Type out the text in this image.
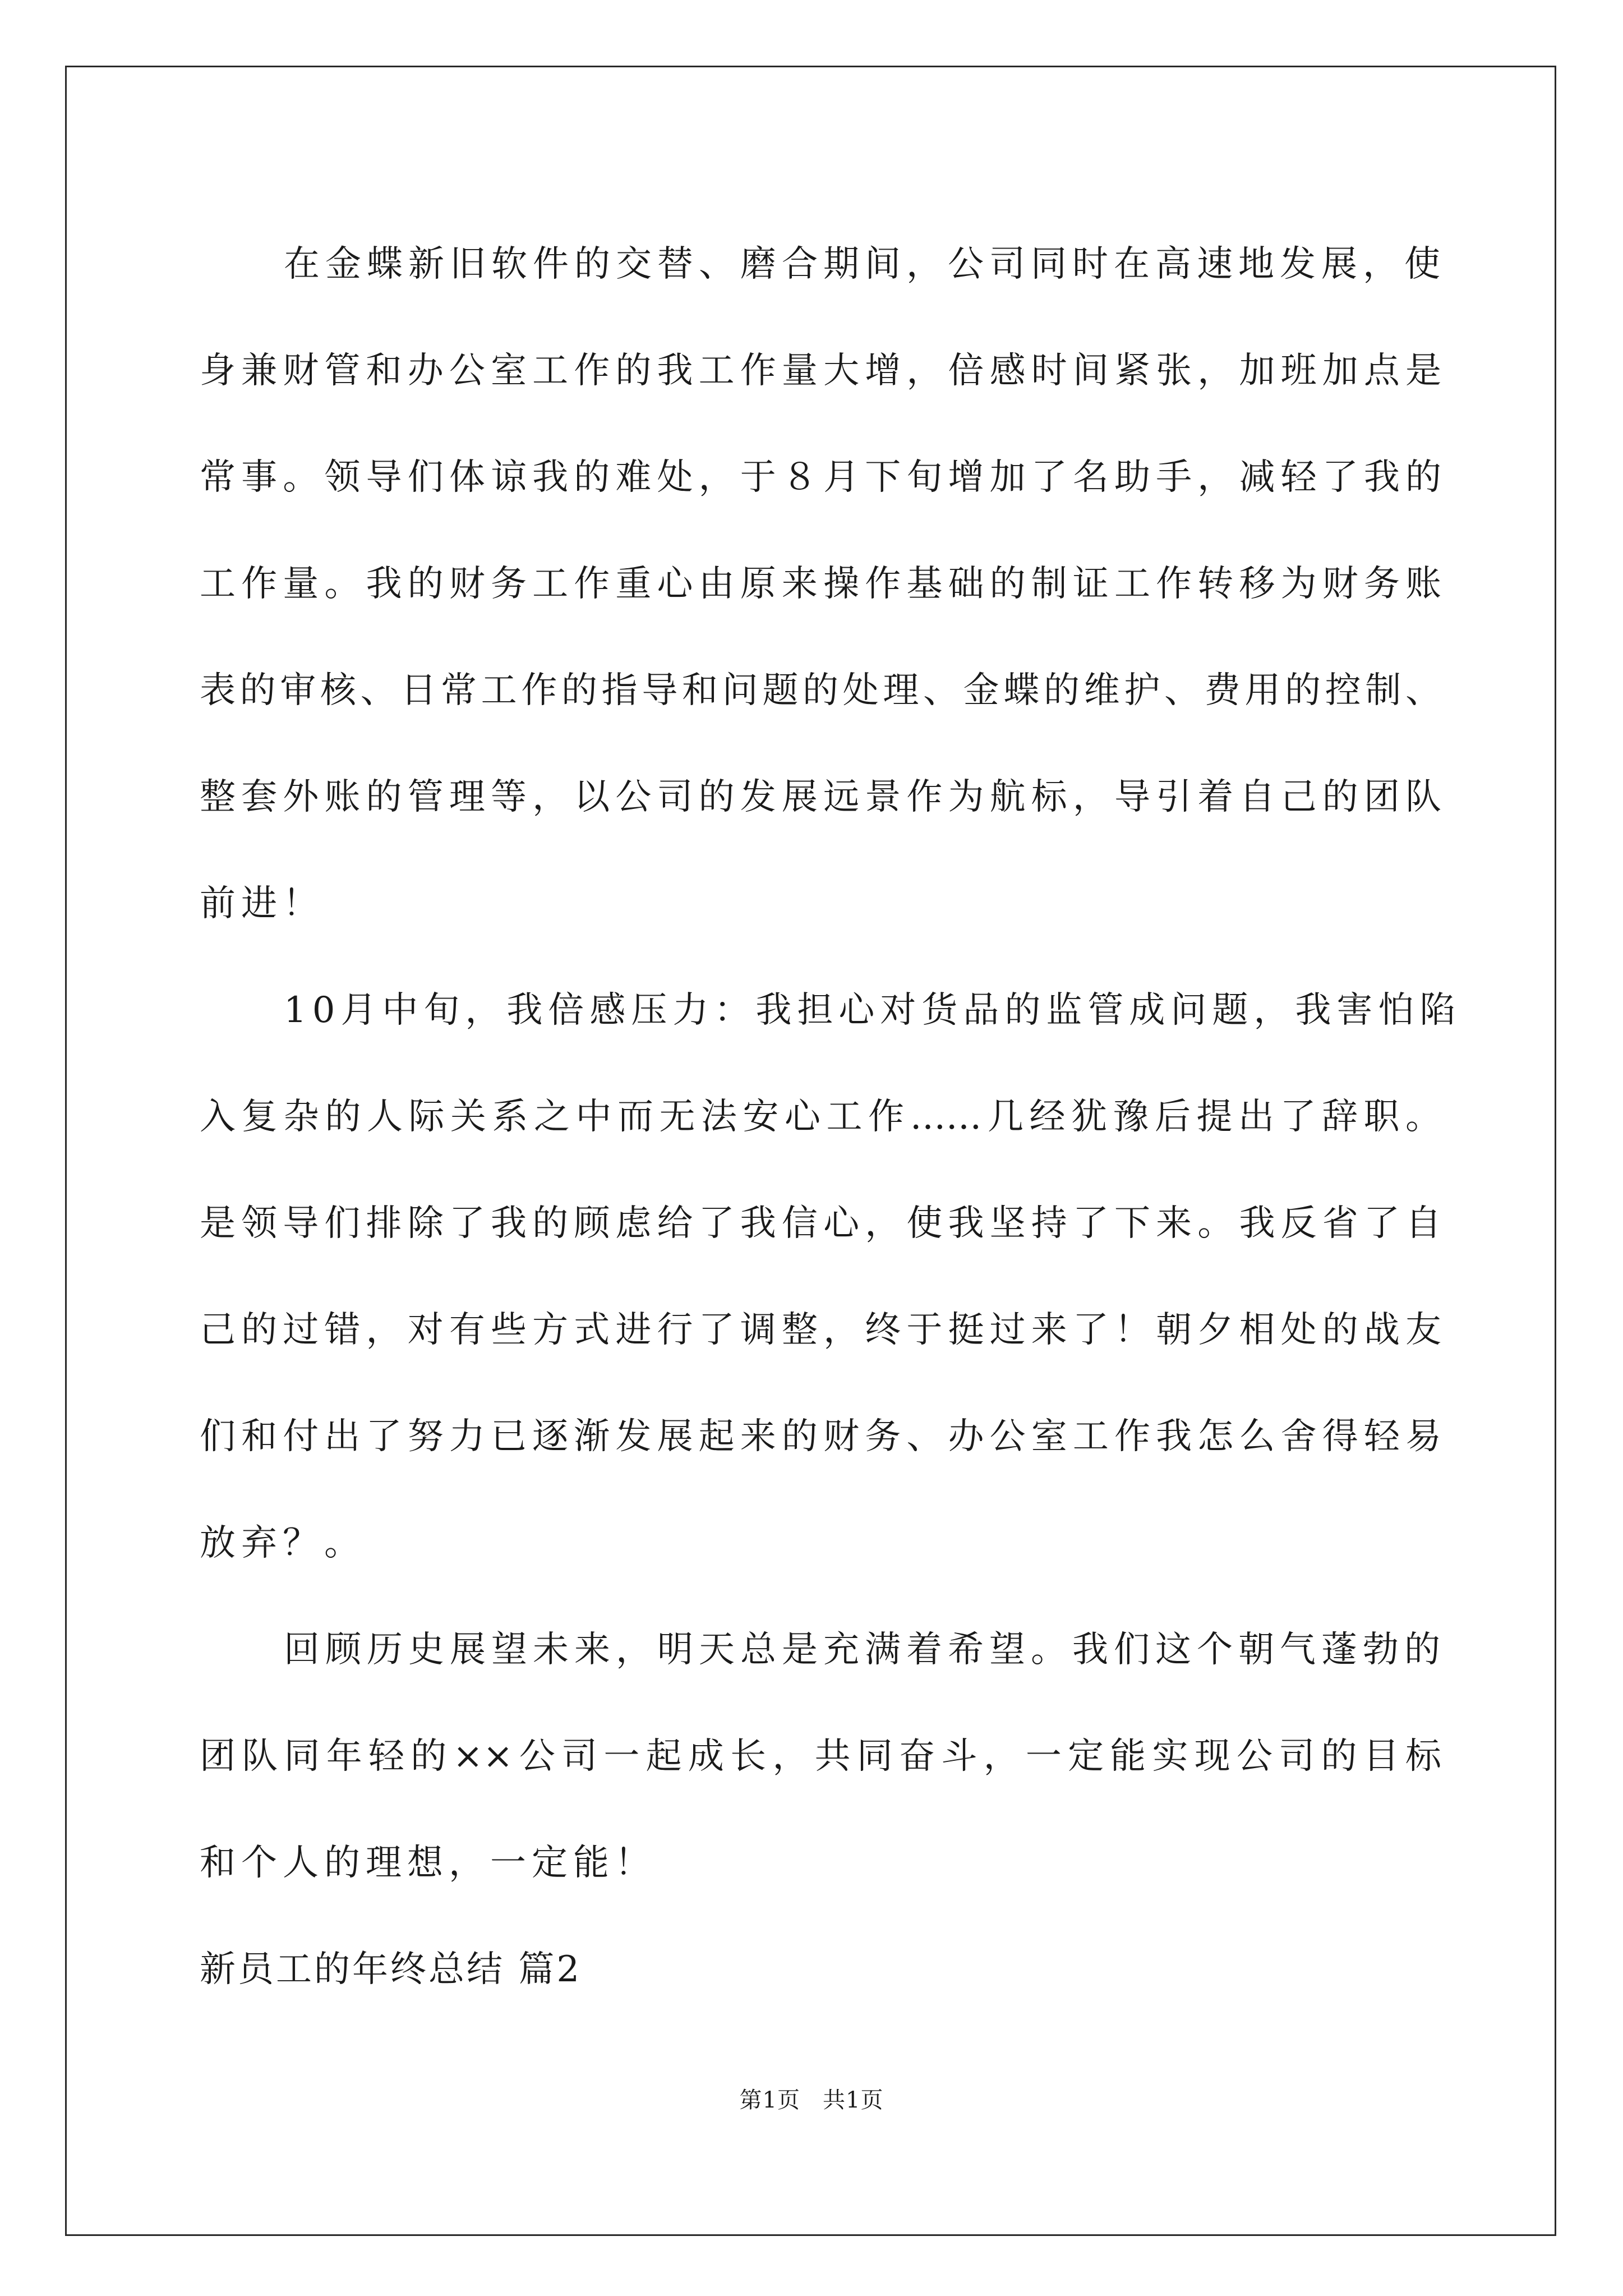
在金蝶新旧软件的交替、磨合期间，公司同时在高速地发展，使
身兼财管和办公室工作的我工作量大增，倍感时间紧张，加班加点是
常事。领导们体谅我的难处，于８月下旬增加了名助手，减轻了我的
工作量。我的财务工作重心由原来操作基础的制证工作转移为财务账
表的审核、日常工作的指导和问题的处理、金蝶的维护、费用的控制、
整套外账的管理等，以公司的发展远景作为航标，导引着自己的团队
前进！
10月中旬，我倍感压力：我担心对货品的监管成问题，我害怕陷
入复杂的人际关系之中而无法安心工作……几经犹豫后提出了辞职。
是领导们排除了我的顾虑给了我信心，使我坚持了下来。我反省了自
己的过错，对有些方式进行了调整，终于挺过来了！朝夕相处的战友
们和付出了努力已逐渐发展起来的财务、办公室工作我怎么舍得轻易
放弃？。
回顾历史展望未来，明天总是充满着希望。我们这个朝气蓬勃的
团队同年轻的××公司一起成长，共同奋斗，一定能实现公司的目标
和个人的理想，一定能！
新员工的年终总结 篇2
第1页 共1页
